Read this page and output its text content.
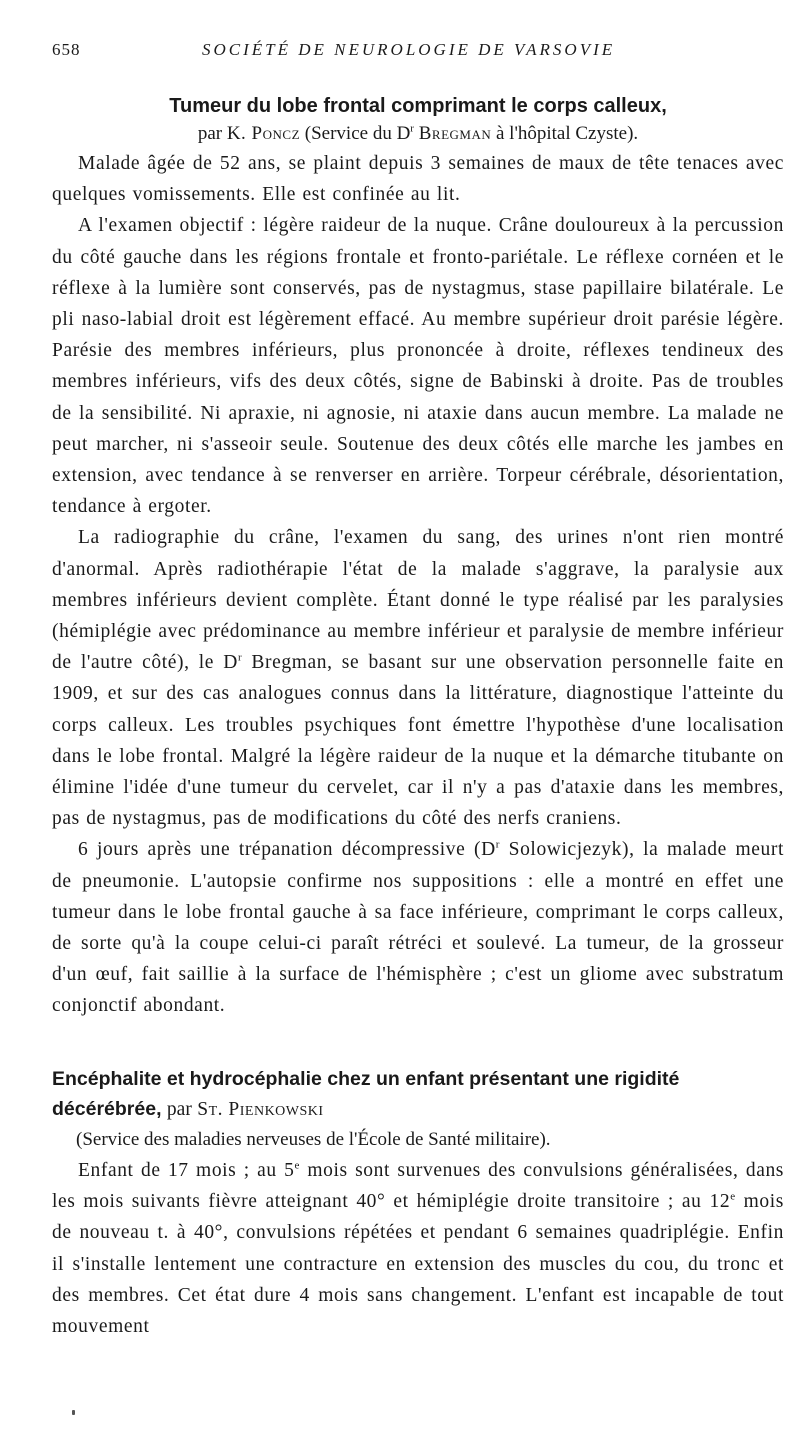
658	SOCIÉTÉ DE NEUROLOGIE DE VARSOVIE
Tumeur du lobe frontal comprimant le corps calleux,
par K. Poncz (Service du $D^r$ Bregman à l'hôpital Czyste).

Malade âgée de 52 ans, se plaint depuis 3 semaines de maux de tête tenaces avec quelques vomissements. Elle est confinée au lit.

A l'examen objectif : légère raideur de la nuque. Crâne douloureux à la percussion du côté gauche dans les régions frontale et fronto-pariétale. Le réflexe cornéen et le réflexe à la lumière sont conservés, pas de nystagmus, stase papillaire bilatérale. Le pli naso-labial droit est légèrement effacé. Au membre supérieur droit parésie légère. Parésie des membres inférieurs, plus prononcée à droite, réflexes tendineux des membres inférieurs, vifs des deux côtés, signe de Babinski à droite. Pas de troubles de la sensibilité. Ni apraxie, ni agnosie, ni ataxie dans aucun membre. La malade ne peut marcher, ni s'asseoir seule. Soutenue des deux côtés elle marche les jambes en extension, avec tendance à se renverser en arrière. Torpeur cérébrale, désorientation, tendance à ergoter.

La radiographie du crâne, l'examen du sang, des urines n'ont rien montré d'anormal. Après radiothérapie l'état de la malade s'aggrave, la paralysie aux membres inférieurs devient complète. Étant donné le type réalisé par les paralysies (hémiplégie avec prédominance au membre inférieur et paralysie de membre inférieur de l'autre côté), le $D^r$ Bregman, se basant sur une observation personnelle faite en 1909, et sur des cas analogues connus dans la littérature, diagnostique l'atteinte du corps calleux. Les troubles psychiques font émettre l'hypothèse d'une localisation dans le lobe frontal. Malgré la légère raideur de la nuque et la démarche titubante on élimine l'idée d'une tumeur du cervelet, car il n'y a pas d'ataxie dans les membres, pas de nystagmus, pas de modifications du côté des nerfs craniens.

6 jours après une trépanation décompressive ($D^r$ Solowicjezyk), la malade meurt de pneumonie. L'autopsie confirme nos suppositions : elle a montré en effet une tumeur dans le lobe frontal gauche à sa face inférieure, comprimant le corps calleux, de sorte qu'à la coupe celui-ci paraît rétréci et soulevé. La tumeur, de la grosseur d'un œuf, fait saillie à la surface de l'hémisphère ; c'est un gliome avec substratum conjonctif abondant.

Encéphalite et hydrocéphalie chez un enfant présentant une rigidité décérébrée, par St. Pienkowski
(Service des maladies nerveuses de l'École de Santé militaire).

Enfant de 17 mois ; au 5e mois sont survenues des convulsions généralisées, dans les mois suivants fièvre atteignant 40° et hémiplégie droite transitoire ; au 12e mois de nouveau t. à 40°, convulsions répétées et pendant 6 semaines quadriplégie. Enfin il s'installe lentement une contracture en extension des muscles du cou, du tronc et des membres. Cet état dure 4 mois sans changement. L'enfant est incapable de tout mouvement
